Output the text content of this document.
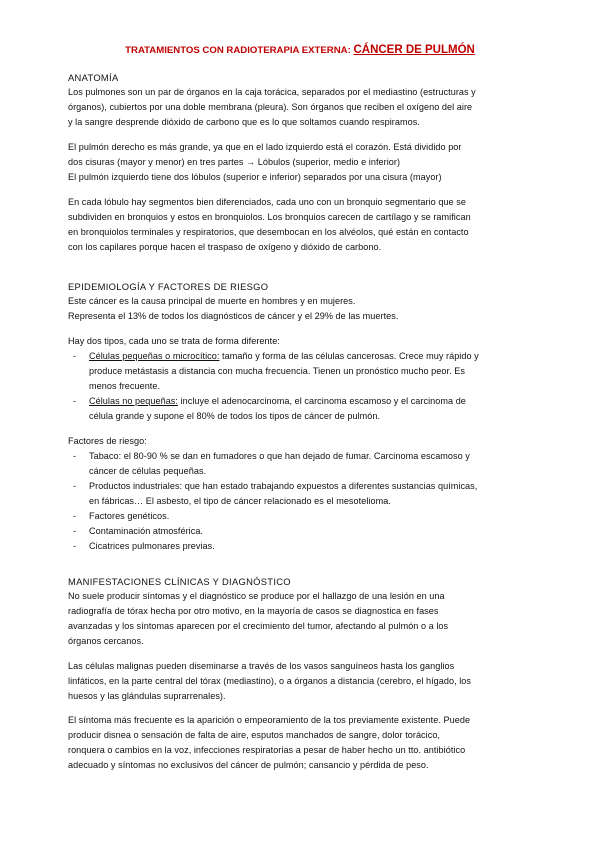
TRATAMIENTOS CON RADIOTERAPIA EXTERNA: CÁNCER DE PULMÓN
ANATOMÍA
Los pulmones son un par de órganos en la caja torácica, separados por el mediastino (estructuras y
órganos), cubiertos por una doble membrana (pleura). Son órganos que reciben el oxígeno del aire
y la sangre desprende dióxido de carbono que es lo que soltamos cuando respiramos.
El pulmón derecho es más grande, ya que en el lado izquierdo está el corazón. Está dividido por
dos cisuras (mayor y menor) en tres partes → Lóbulos (superior, medio e inferior)
El pulmón izquierdo tiene dos lóbulos (superior e inferior) separados por una cisura (mayor)
En cada lóbulo hay segmentos bien diferenciados, cada uno con un bronquio segmentario que se
subdividen en bronquios y estos en bronquiolos. Los bronquios carecen de cartílago y se ramifican
en bronquiolos terminales y respiratorios, que desembocan en los alvéolos, qué están en contacto
con los capilares porque hacen el traspaso de oxígeno y dióxido de carbono.
EPIDEMIOLOGÍA Y FACTORES DE RIESGO
Este cáncer es la causa principal de muerte en hombres y en mujeres.
Representa el 13% de todos los diagnósticos de cáncer y el 29% de las muertes.
Hay dos tipos, cada uno se trata de forma diferente:
- Células pequeñas o microcítico: tamaño y forma de las células cancerosas. Crece muy rápido y
produce metástasis a distancia con mucha frecuencia. Tienen un pronóstico mucho peor. Es
menos frecuente.
- Células no pequeñas: incluye el adenocarcinoma, el carcinoma escamoso y el carcinoma de
célula grande y supone el 80% de todos los tipos de cáncer de pulmón.
Factores de riesgo:
- Tabaco: el 80-90 % se dan en fumadores o que han dejado de fumar. Carcinoma escamoso y
cáncer de células pequeñas.
- Productos industriales: que han estado trabajando expuestos a diferentes sustancias químicas,
en fábricas… El asbesto, el tipo de cáncer relacionado es el mesotelioma.
- Factores genéticos.
- Contaminación atmosférica.
- Cicatrices pulmonares previas.
MANIFESTACIONES CLÍNICAS Y DIAGNÓSTICO
No suele producir síntomas y el diagnóstico se produce por el hallazgo de una lesión en una
radiografía de tórax hecha por otro motivo, en la mayoría de casos se diagnostica en fases
avanzadas y los síntomas aparecen por el crecimiento del tumor, afectando al pulmón o a los
órganos cercanos.
Las células malignas pueden diseminarse a través de los vasos sanguíneos hasta los ganglios
linfáticos, en la parte central del tórax (mediastino), o a órganos a distancia (cerebro, el hígado, los
huesos y las glándulas suprarrenales).
El síntoma más frecuente es la aparición o empeoramiento de la tos previamente existente. Puede
producir disnea o sensación de falta de aire, esputos manchados de sangre, dolor torácico,
ronquera o cambios en la voz, infecciones respiratorias a pesar de haber hecho un tto. antibiótico
adecuado y síntomas no exclusivos del cáncer de pulmón; cansancio y pérdida de peso.
